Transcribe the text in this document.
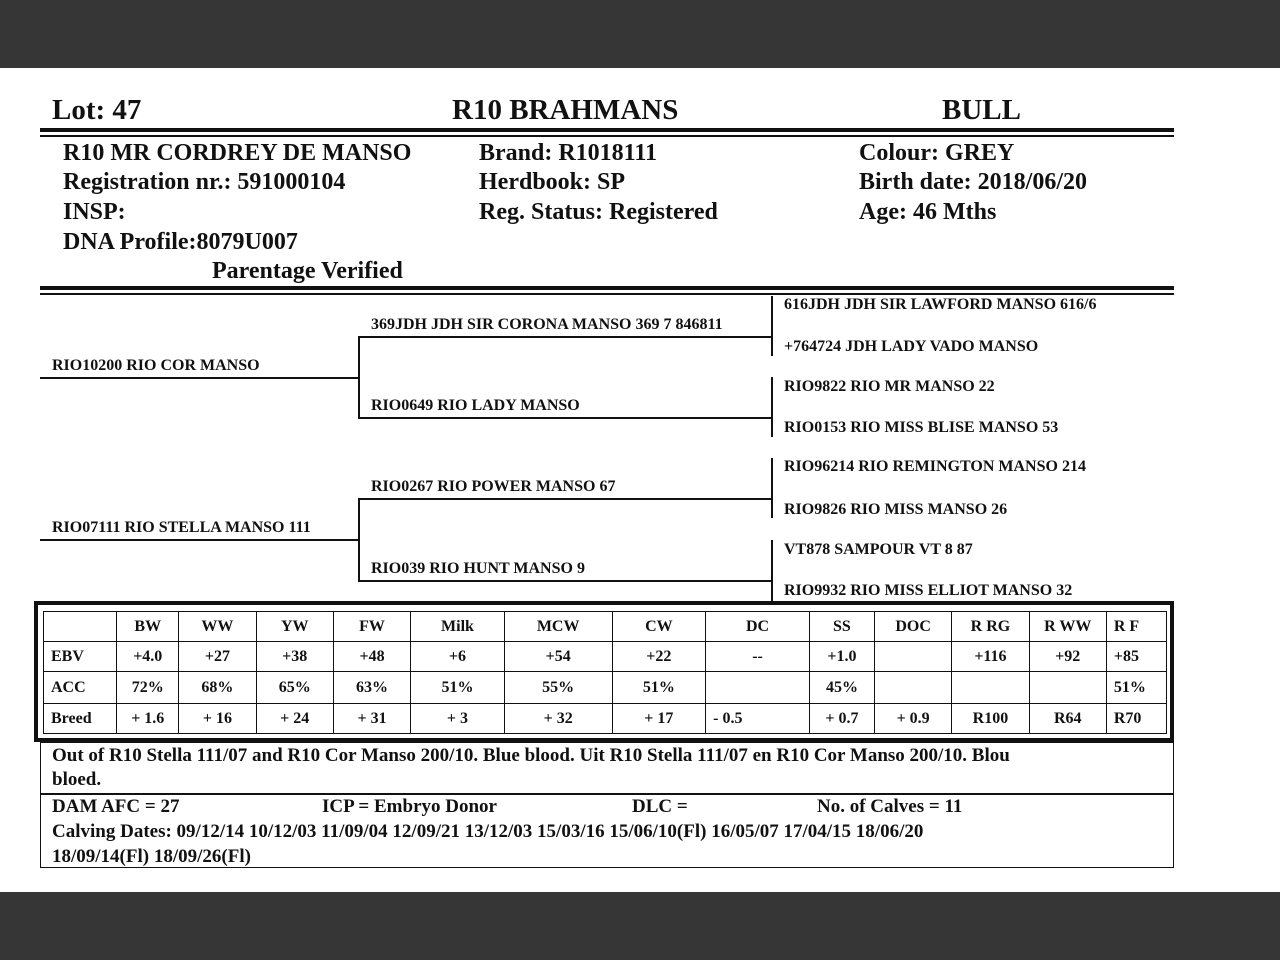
Lot: 47	R10 BRAHMANS	BULL
R10 MR CORDREY DE MANSO
Registration nr.: 591000104
INSP:
DNA Profile:8079U007
Parentage Verified
Brand: R1018111
Herdbook: SP
Reg. Status: Registered
Colour: GREY
Birth date: 2018/06/20
Age: 46 Mths
RIO10200 RIO COR MANSO
RIO07111 RIO STELLA MANSO 111
369JDH JDH SIR CORONA MANSO 369 7 846811
RIO0649 RIO LADY MANSO
RIO0267 RIO POWER MANSO 67
RIO039 RIO HUNT MANSO 9
616JDH JDH SIR LAWFORD MANSO 616/6
+764724 JDH LADY VADO MANSO
RIO9822 RIO MR MANSO 22
RIO0153 RIO MISS BLISE MANSO 53
RIO96214 RIO REMINGTON MANSO 214
RIO9826 RIO MISS MANSO 26
VT878 SAMPOUR VT 8 87
RIO9932 RIO MISS ELLIOT MANSO 32
	BW	WW	YW	FW	Milk	MCW	CW	DC	SS	DOC	R RG	R WW	R F
EBV	+4.0	+27	+38	+48	+6	+54	+22	--	+1.0		+116	+92	+85
ACC	72%	68%	65%	63%	51%	55%	51%		45%				51%
Breed	+ 1.6	+ 16	+ 24	+ 31	+ 3	+ 32	+ 17	- 0.5	+ 0.7	+ 0.9	R100	R64	R70
Out of R10 Stella 111/07 and R10 Cor Manso 200/10. Blue blood. Uit R10 Stella 111/07 en R10 Cor Manso 200/10. Blou
bloed.
DAM AFC = 27	ICP = Embryo Donor	DLC =	No. of Calves = 11
Calving Dates: 09/12/14 10/12/03 11/09/04 12/09/21 13/12/03 15/03/16 15/06/10(Fl) 16/05/07 17/04/15 18/06/20
18/09/14(Fl) 18/09/26(Fl)
